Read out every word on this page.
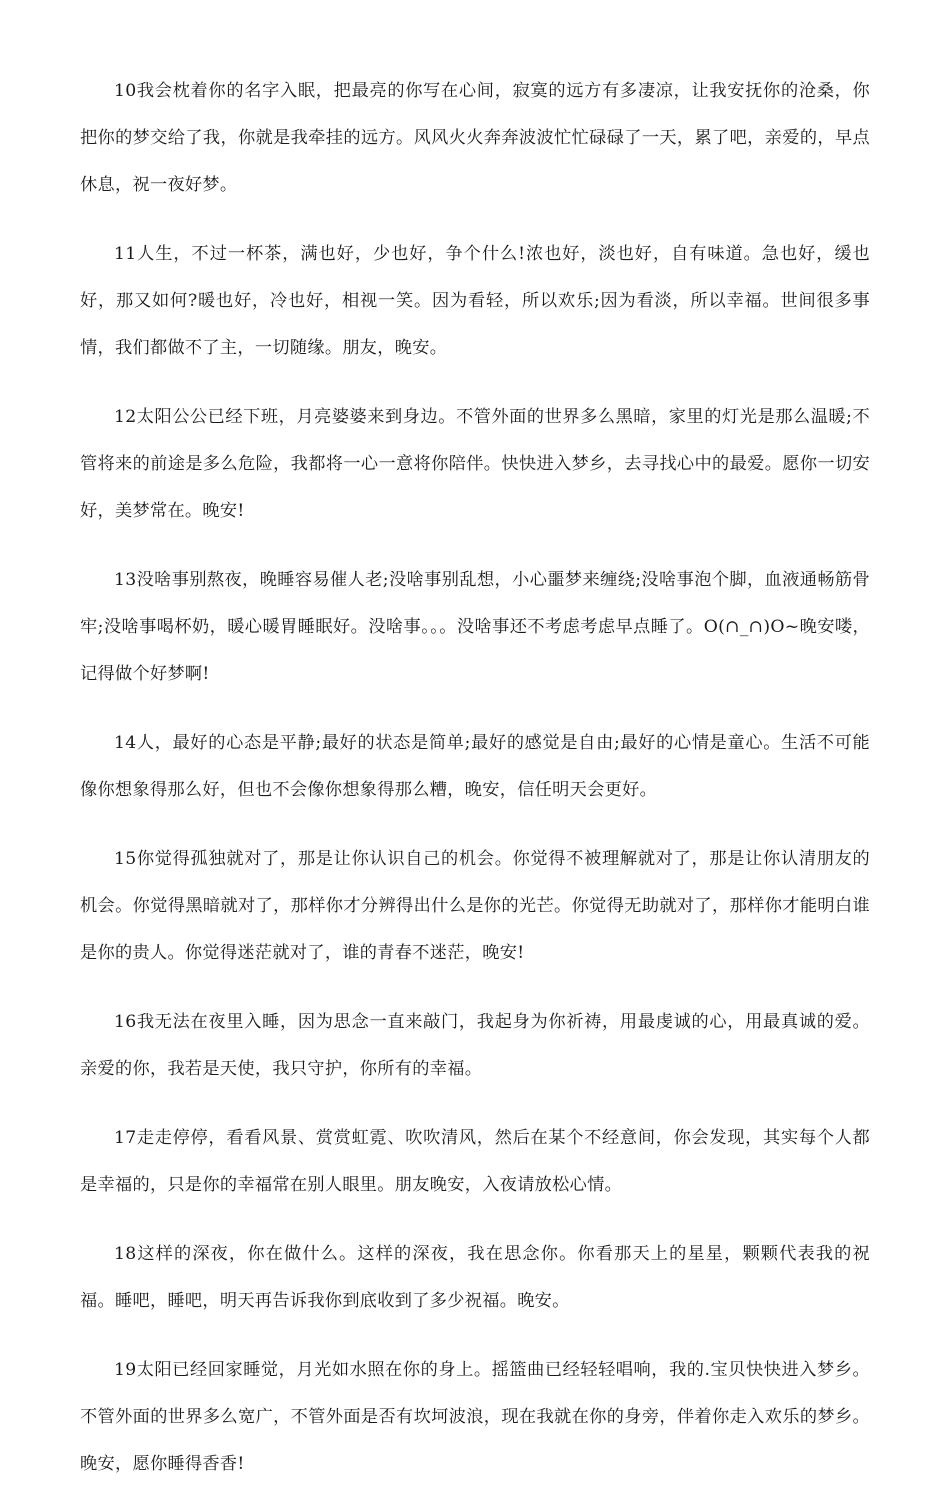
10我会枕着你的名字入眠，把最亮的你写在心间，寂寞的远方有多凄凉，让我安抚你的沧桑，你把你的梦交给了我，你就是我牵挂的远方。风风火火奔奔波波忙忙碌碌了一天，累了吧，亲爱的，早点休息，祝一夜好梦。

11人生，不过一杯茶，满也好，少也好，争个什么!浓也好，淡也好，自有味道。急也好，缓也好，那又如何?暖也好，冷也好，相视一笑。因为看轻，所以欢乐;因为看淡，所以幸福。世间很多事情，我们都做不了主，一切随缘。朋友，晚安。

12太阳公公已经下班，月亮婆婆来到身边。不管外面的世界多么黑暗，家里的灯光是那么温暖;不管将来的前途是多么危险，我都将一心一意将你陪伴。快快进入梦乡，去寻找心中的最爱。愿你一切安好，美梦常在。晚安!

13没啥事别熬夜，晚睡容易催人老;没啥事别乱想，小心噩梦来缠绕;没啥事泡个脚，血液通畅筋骨牢;没啥事喝杯奶，暖心暖胃睡眠好。没啥事。。。没啥事还不考虑考虑早点睡了。O(∩_∩)O~晚安喽，记得做个好梦啊!

14人，最好的心态是平静;最好的状态是简单;最好的感觉是自由;最好的心情是童心。生活不可能像你想象得那么好，但也不会像你想象得那么糟，晚安，信任明天会更好。

15你觉得孤独就对了，那是让你认识自己的机会。你觉得不被理解就对了，那是让你认清朋友的机会。你觉得黑暗就对了，那样你才分辨得出什么是你的光芒。你觉得无助就对了，那样你才能明白谁是你的贵人。你觉得迷茫就对了，谁的青春不迷茫，晚安!

16我无法在夜里入睡，因为思念一直来敲门，我起身为你祈祷，用最虔诚的心，用最真诚的爱。亲爱的你，我若是天使，我只守护，你所有的幸福。

17走走停停，看看风景、赏赏虹霓、吹吹清风，然后在某个不经意间，你会发现，其实每个人都是幸福的，只是你的幸福常在别人眼里。朋友晚安，入夜请放松心情。

18这样的深夜，你在做什么。这样的深夜，我在思念你。你看那天上的星星，颗颗代表我的祝福。睡吧，睡吧，明天再告诉我你到底收到了多少祝福。晚安。

19太阳已经回家睡觉，月光如水照在你的身上。摇篮曲已经轻轻唱响，我的.宝贝快快进入梦乡。不管外面的世界多么宽广，不管外面是否有坎坷波浪，现在我就在你的身旁，伴着你走入欢乐的梦乡。晚安，愿你睡得香香!
